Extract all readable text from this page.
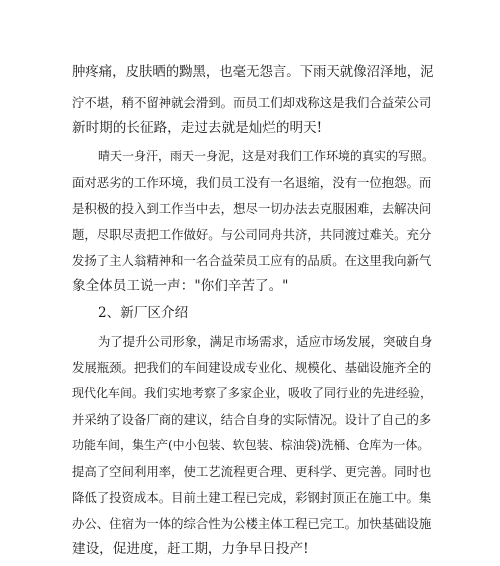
肿疼痛，皮肤晒的黝黑，也毫无怨言。下雨天就像沼泽地，泥
泞不堪，稍不留神就会滑到。而员工们却戏称这是我们合益荣公司
新时期的长征路，走过去就是灿烂的明天!
晴天一身汗，雨天一身泥，这是对我们工作环境的真实的写照。
面对恶劣的工作环境，我们员工没有一名退缩，没有一位抱怨。而
是积极的投入到工作当中去，想尽一切办法去克服困难，去解决问
题，尽职尽责把工作做好。与公司同舟共济，共同渡过难关。充分
发扬了主人翁精神和一名合益荣员工应有的品质。在这里我向新气
象全体员工说一声："你们辛苦了。"
2、新厂区介绍
为了提升公司形象，满足市场需求，适应市场发展，突破自身
发展瓶颈。把我们的车间建设成专业化、规模化、基础设施齐全的
现代化车间。我们实地考察了多家企业，吸收了同行业的先进经验，
并采纳了设备厂商的建议，结合自身的实际情况。设计了自己的多
功能车间，集生产(中小包装、软包装、棕油袋)洗桶、仓库为一体。
提高了空间利用率，使工艺流程更合理、更科学、更完善。同时也
降低了投资成本。目前土建工程已完成，彩钢封顶正在施工中。集
办公、住宿为一体的综合性为公楼主体工程已完工。加快基础设施
建设，促进度，赶工期，力争早日投产!
